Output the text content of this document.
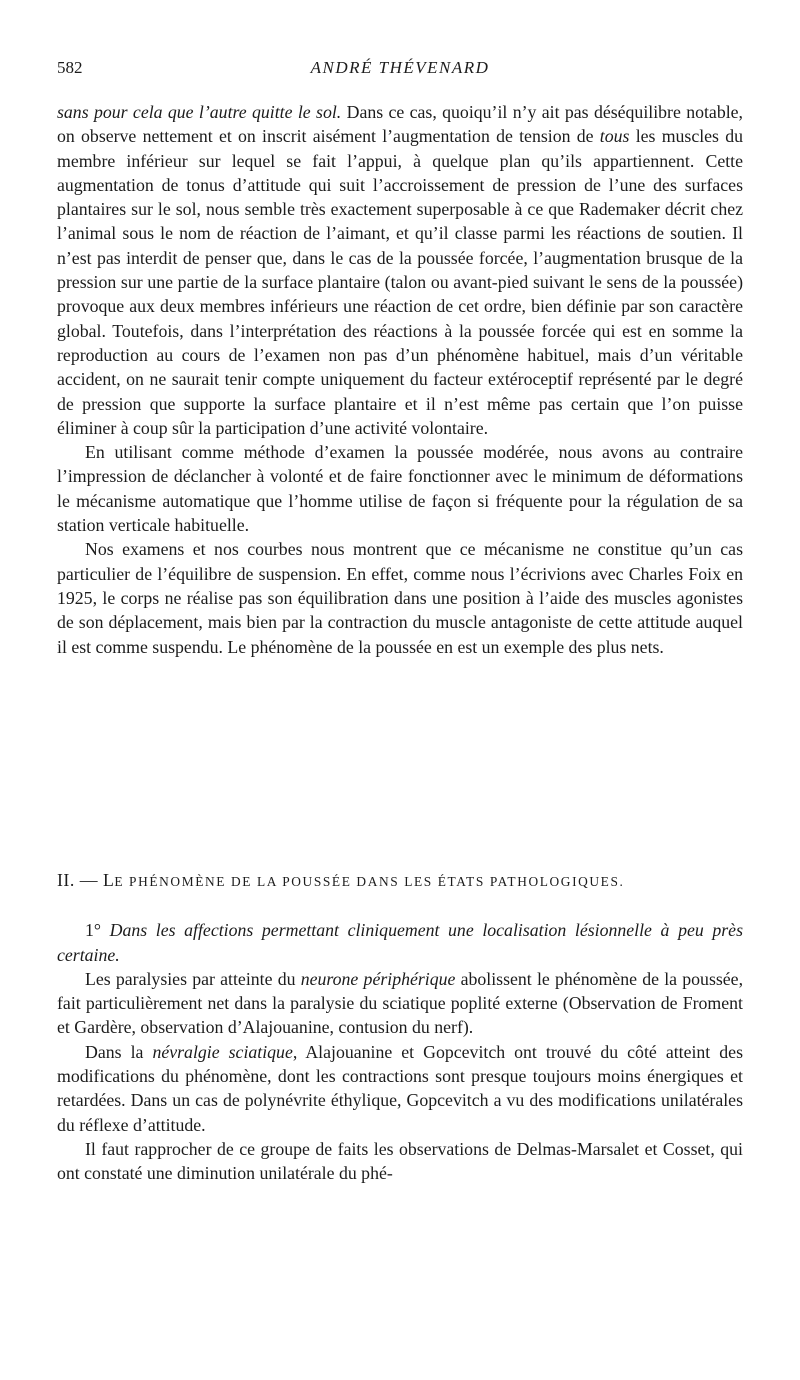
582	ANDRÉ THÉVENARD

sans pour cela que l’autre quitte le sol. Dans ce cas, quoiqu’il n’y ait pas déséquilibre notable, on observe nettement et on inscrit aisément l’augmentation de tension de tous les muscles du membre inférieur sur lequel se fait l’appui, à quelque plan qu’ils appartiennent. Cette augmentation de tonus d’attitude qui suit l’accroissement de pression de l’une des surfaces plantaires sur le sol, nous semble très exactement superposable à ce que Rademaker décrit chez l’animal sous le nom de réaction de l’aimant, et qu’il classe parmi les réactions de soutien. Il n’est pas interdit de penser que, dans le cas de la poussée forcée, l’augmentation brusque de la pression sur une partie de la surface plantaire (talon ou avant-pied suivant le sens de la poussée) provoque aux deux membres inférieurs une réaction de cet ordre, bien définie par son caractère global. Toutefois, dans l’interprétation des réactions à la poussée forcée qui est en somme la reproduction au cours de l’examen non pas d’un phénomène habituel, mais d’un véritable accident, on ne saurait tenir compte uniquement du facteur extéroceptif représenté par le degré de pression que supporte la surface plantaire et il n’est même pas certain que l’on puisse éliminer à coup sûr la participation d’une activité volontaire.

En utilisant comme méthode d’examen la poussée modérée, nous avons au contraire l’impression de déclancher à volonté et de faire fonctionner avec le minimum de déformations le mécanisme automatique que l’homme utilise de façon si fréquente pour la régulation de sa station verticale habituelle.

Nos examens et nos courbes nous montrent que ce mécanisme ne constitue qu’un cas particulier de l’équilibre de suspension. En effet, comme nous l’écrivions avec Charles Foix en 1925, le corps ne réalise pas son équilibration dans une position à l’aide des muscles agonistes de son déplacement, mais bien par la contraction du muscle antagoniste de cette attitude auquel il est comme suspendu. Le phénomène de la poussée en est un exemple des plus nets.

II. — LE PHÉNOMÈNE DE LA POUSSÉE DANS LES ÉTATS PATHOLOGIQUES.

1° Dans les affections permettant cliniquement une localisation lésionnelle à peu près certaine.

Les paralysies par atteinte du neurone périphérique abolissent le phénomène de la poussée, fait particulièrement net dans la paralysie du sciatique poplité externe (Observation de Froment et Gardère, observation d’Alajouanine, contusion du nerf).

Dans la névralgie sciatique, Alajouanine et Gopcevitch ont trouvé du côté atteint des modifications du phénomène, dont les contractions sont presque toujours moins énergiques et retardées. Dans un cas de polynévrite éthylique, Gopcevitch a vu des modifications unilatérales du réflexe d’attitude.

Il faut rapprocher de ce groupe de faits les observations de Delmas-Marsalet et Cosset, qui ont constaté une diminution unilatérale du phé-
